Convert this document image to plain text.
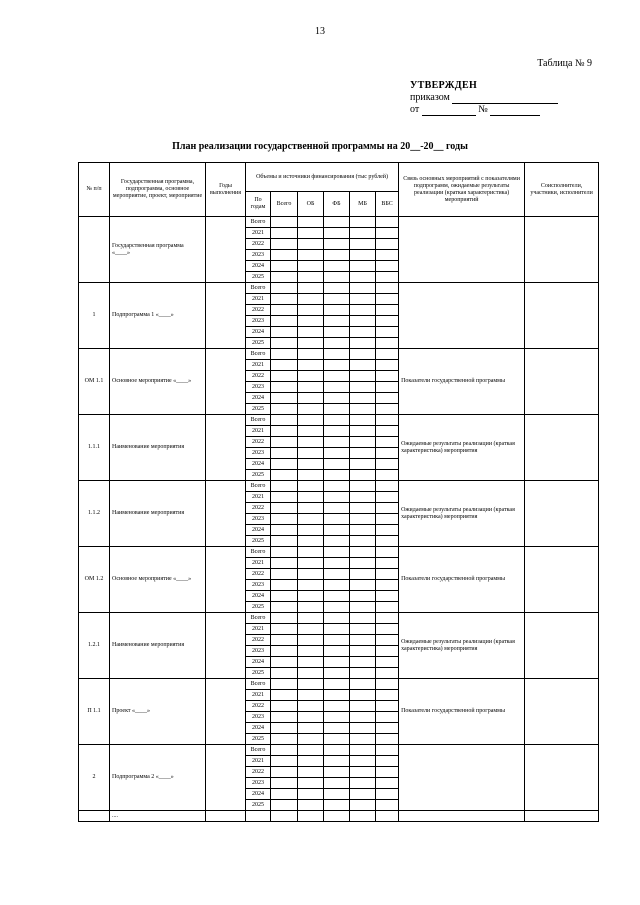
13
Таблица № 9
УТВЕРЖДЕН
приказом
от	№
План реализации государственной программы на 20__-20__ годы
№ п/п	Государственная программа, подпрограмма, основное мероприятие, проект, мероприятие	Годы выполнения	Объемы и источники финансирования (тыс рублей)						Связь основных мероприятий с показателями подпрограмм, ожидаемые результаты реализации (краткая характеристика) мероприятий	Соисполнители, участники, исполнители
			По годам	Всего	ОБ	ФБ	МБ	ВБС		
	Государственная программа «____»		Всего							
			2021							
			2022							
			2023							
			2024							
			2025							
1	Подпрограмма 1 «____»		Всего							
			2021							
			2022							
			2023							
			2024							
			2025							
ОМ 1.1	Основное мероприятие «____»		Всего						Показатели государственной программы	
			2021							
			2022							
			2023							
			2024							
			2025							
1.1.1	Наименование мероприятия		Всего						Ожидаемые результаты реализации (краткая характеристика) мероприятия	
			2021							
			2022							
			2023							
			2024							
			2025							
1.1.2	Наименование мероприятия		Всего						Ожидаемые результаты реализации (краткая характеристика) мероприятия	
			2021							
			2022							
			2023							
			2024							
			2025							
ОМ 1.2	Основное мероприятие «____»		Всего						Показатели государственной программы	
			2021							
			2022							
			2023							
			2024							
			2025							
1.2.1	Наименование мероприятия		Всего						Ожидаемые результаты реализации (краткая характеристика) мероприятия	
			2021							
			2022							
			2023							
			2024							
			2025							
П 1.1	Проект «____»		Всего						Показатели государственной программы	
			2021							
			2022							
			2023							
			2024							
			2025							
2	Подпрограмма 2 «____»		Всего							
			2021							
			2022							
			2023							
			2024							
			2025							
	....									
